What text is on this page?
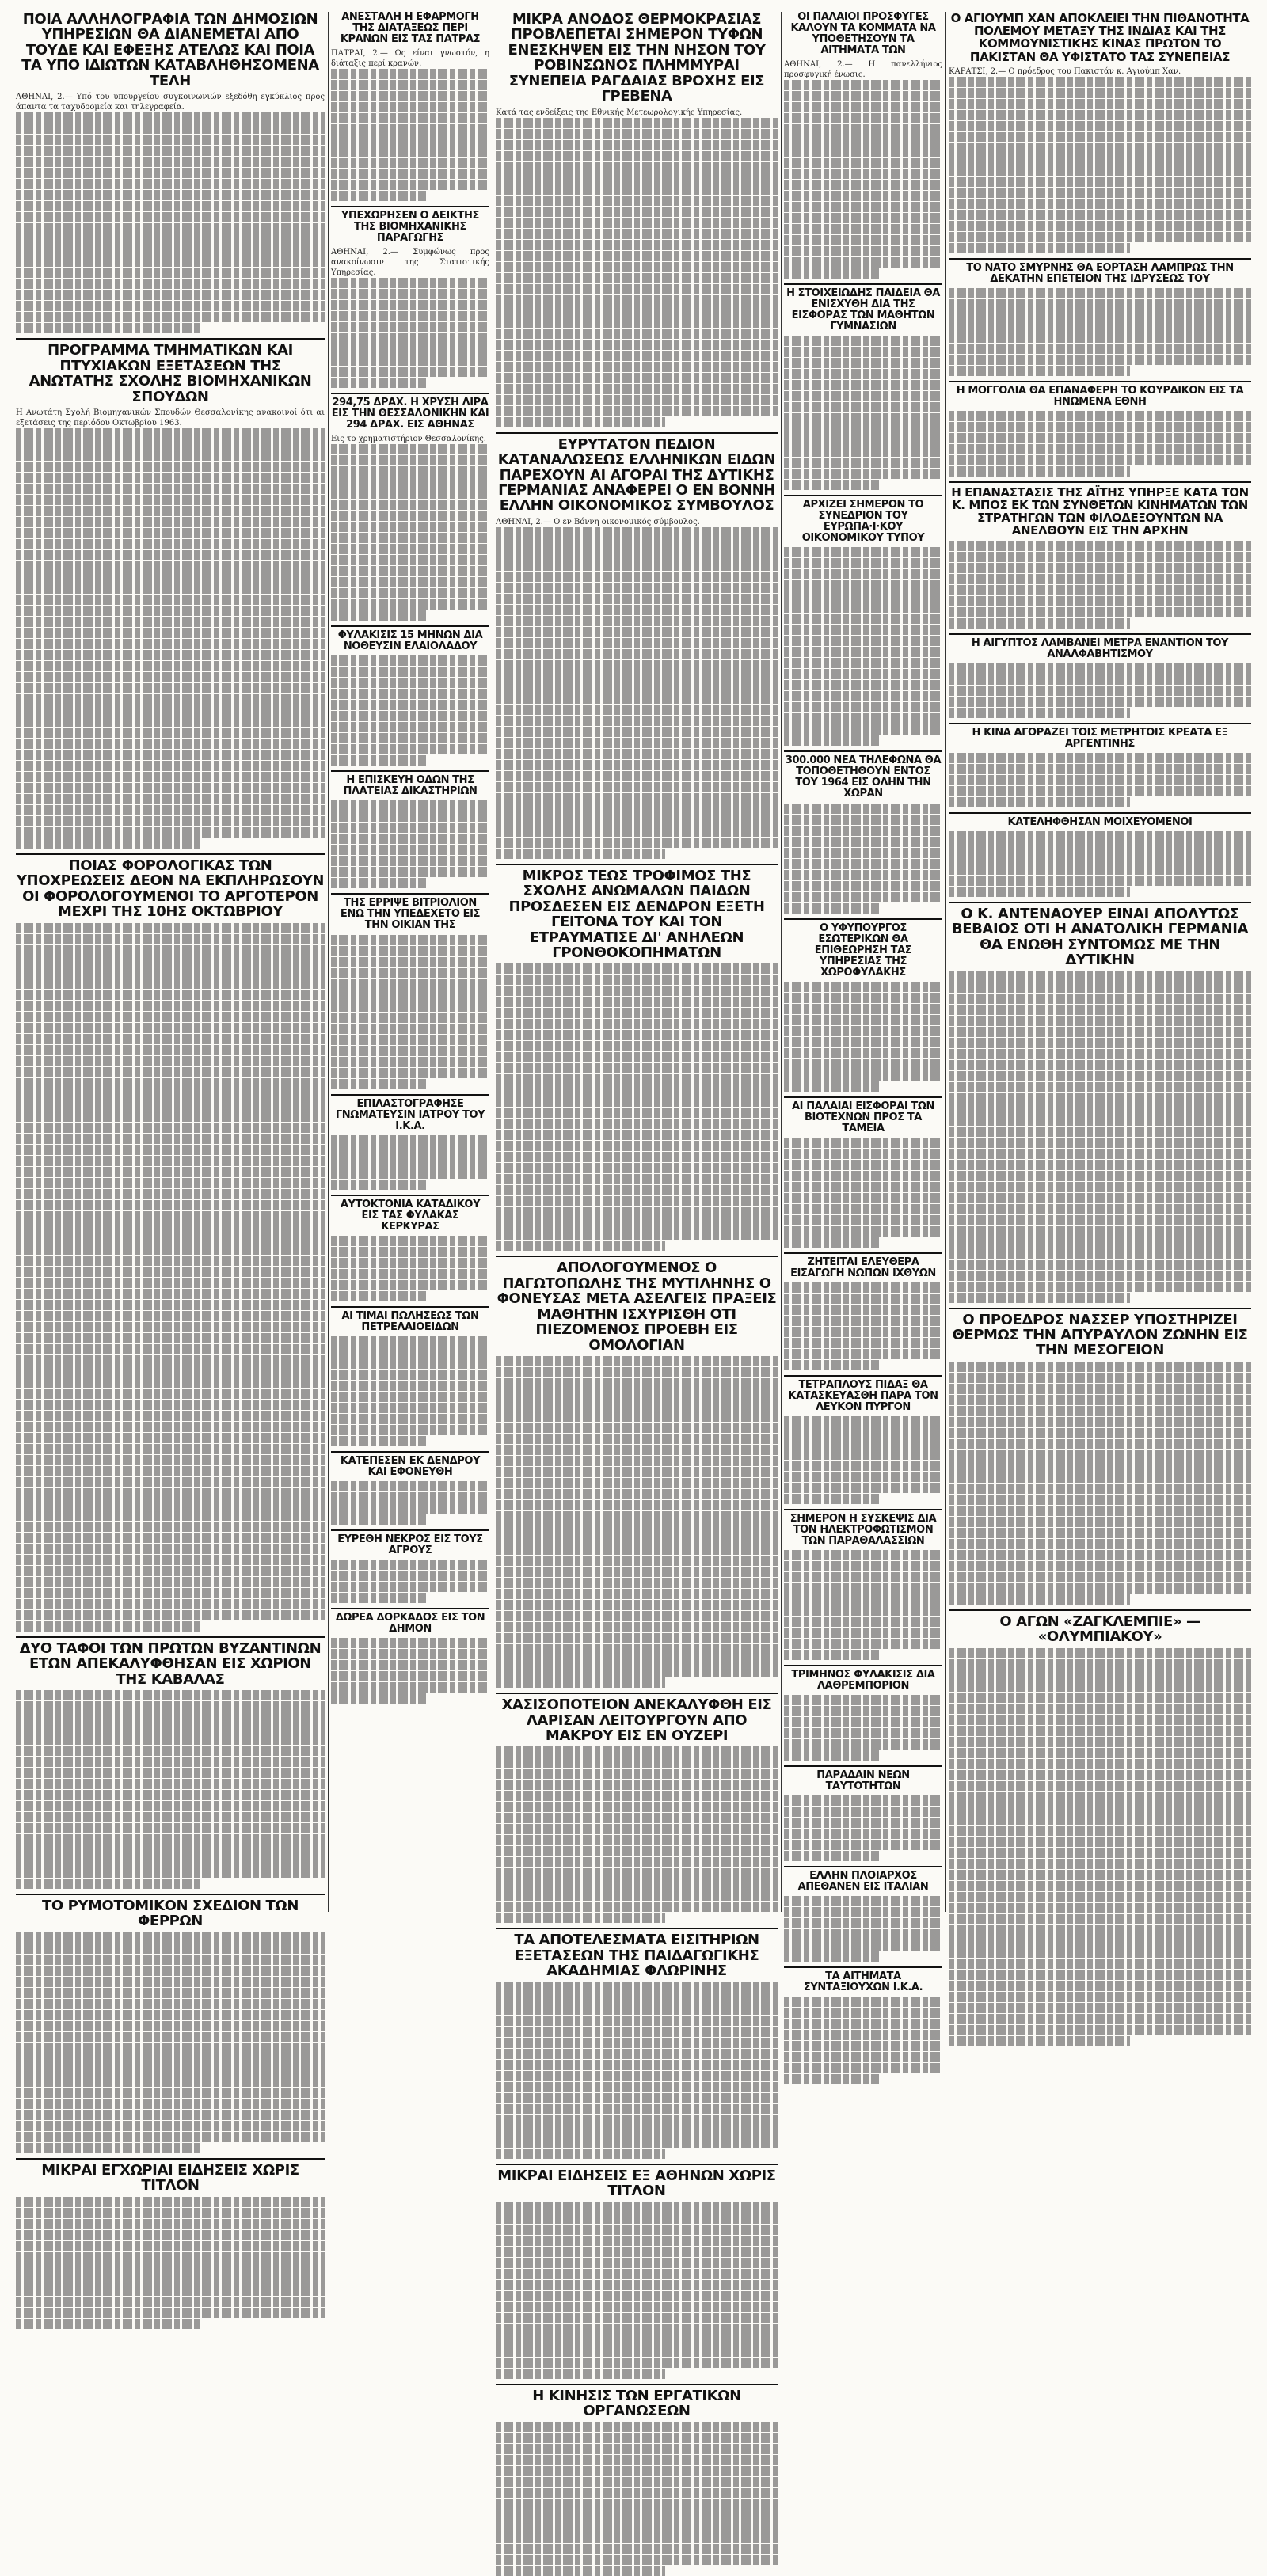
ΠΟΙΑ ΑΛΛΗΛΟΓΡΑΦΙΑ ΤΩΝ ΔΗΜΟΣΙΩΝ ΥΠΗΡΕΣΙΩΝ ΘΑ ΔΙΑΝΕΜΕΤΑΙ ΑΠΟ ΤΟΥΔΕ ΚΑΙ ΕΦΕΞΗΣ ΑΤΕΛΩΣ ΚΑΙ ΠΟΙΑ ΤΑ ΥΠΟ ΙΔΙΩΤΩΝ ΚΑΤΑΒΛΗΘΗΣΟΜΕΝΑ ΤΕΛΗ
ΑΘΗΝΑΙ, 2.— Υπό του υπουργείου συγκοινωνιών εξεδόθη εγκύκλιος προς άπαντα τα ταχυδρομεία και τηλεγραφεία.
ΠΡΟΓΡΑΜΜΑ ΤΜΗΜΑΤΙΚΩΝ ΚΑΙ ΠΤΥΧΙΑΚΩΝ ΕΞΕΤΑΣΕΩΝ ΤΗΣ ΑΝΩΤΑΤΗΣ ΣΧΟΛΗΣ ΒΙΟΜΗΧΑΝΙΚΩΝ ΣΠΟΥΔΩΝ
Η Ανωτάτη Σχολή Βιομηχανικών Σπουδών Θεσσαλονίκης ανακοινοί ότι αι εξετάσεις της περιόδου Οκτωβρίου 1963.
ΠΟΙΑΣ ΦΟΡΟΛΟΓΙΚΑΣ ΤΩΝ ΥΠΟΧΡΕΩΣΕΙΣ ΔΕΟΝ ΝΑ ΕΚΠΛΗΡΩΣΟΥΝ ΟΙ ΦΟΡΟΛΟΓΟΥΜΕΝΟΙ ΤΟ ΑΡΓΟΤΕΡΟΝ ΜΕΧΡΙ ΤΗΣ 10ΗΣ ΟΚΤΩΒΡΙΟΥ
ΔΥΟ ΤΑΦΟΙ ΤΩΝ ΠΡΩΤΩΝ ΒΥΖΑΝΤΙΝΩΝ ΕΤΩΝ ΑΠΕΚΑΛΥΦΘΗΣΑΝ ΕΙΣ ΧΩΡΙΟΝ ΤΗΣ ΚΑΒΑΛΑΣ
ΤΟ ΡΥΜΟΤΟΜΙΚΟΝ ΣΧΕΔΙΟΝ ΤΩΝ ΦΕΡΡΩΝ
ΜΙΚΡΑΙ ΕΓΧΩΡΙΑΙ ΕΙΔΗΣΕΙΣ ΧΩΡΙΣ ΤΙΤΛΟΝ
ΑΝΕΣΤΑΛΗ Η ΕΦΑΡΜΟΓΗ ΤΗΣ ΔΙΑΤΑΞΕΩΣ ΠΕΡΙ ΚΡΑΝΩΝ ΕΙΣ ΤΑΣ ΠΑΤΡΑΣ
ΠΑΤΡΑΙ, 2.— Ως είναι γνωστόν, η διάταξις περί κρανών.
ΥΠΕΧΩΡΗΣΕΝ Ο ΔΕΙΚΤΗΣ ΤΗΣ ΒΙΟΜΗΧΑΝΙΚΗΣ ΠΑΡΑΓΩΓΗΣ
ΑΘΗΝΑΙ, 2.— Συμφώνως προς ανακοίνωσιν της Στατιστικής Υπηρεσίας.
294,75 ΔΡΑΧ. Η ΧΡΥΣΗ ΛΙΡΑ ΕΙΣ ΤΗΝ ΘΕΣΣΑΛΟΝΙΚΗΝ ΚΑΙ 294 ΔΡΑΧ. ΕΙΣ ΑΘΗΝΑΣ
Εις το χρηματιστήριον Θεσσαλονίκης.
ΦΥΛΑΚΙΣΙΣ 15 ΜΗΝΩΝ ΔΙΑ ΝΟΘΕΥΣΙΝ ΕΛΑΙΟΛΑΔΟΥ
Η ΕΠΙΣΚΕΥΗ ΟΔΩΝ ΤΗΣ ΠΛΑΤΕΙΑΣ ΔΙΚΑΣΤΗΡΙΩΝ
ΤΗΣ ΕΡΡΙΨΕ ΒΙΤΡΙΟΛΙΟΝ ΕΝΩ ΤΗΝ ΥΠΕΔΕΧΕΤΟ ΕΙΣ ΤΗΝ ΟΙΚΙΑΝ ΤΗΣ
ΕΠΙΛΑΣΤΟΓΡΑΦΗΣΕ ΓΝΩΜΑΤΕΥΣΙΝ ΙΑΤΡΟΥ ΤΟΥ Ι.Κ.Α.
ΑΥΤΟΚΤΟΝΙΑ ΚΑΤΑΔΙΚΟΥ ΕΙΣ ΤΑΣ ΦΥΛΑΚΑΣ ΚΕΡΚΥΡΑΣ
ΑΙ ΤΙΜΑΙ ΠΩΛΗΣΕΩΣ ΤΩΝ ΠΕΤΡΕΛΑΙΟΕΙΔΩΝ
ΚΑΤΕΠΕΣΕΝ ΕΚ ΔΕΝΔΡΟΥ ΚΑΙ ΕΦΟΝΕΥΘΗ
ΕΥΡΕΘΗ ΝΕΚΡΟΣ ΕΙΣ ΤΟΥΣ ΑΓΡΟΥΣ
ΔΩΡΕΑ ΔΟΡΚΑΔΟΣ ΕΙΣ ΤΟΝ ΔΗΜΟΝ
ΜΙΚΡΑ ΑΝΟΔΟΣ ΘΕΡΜΟΚΡΑΣΙΑΣ ΠΡΟΒΛΕΠΕΤΑΙ ΣΗΜΕΡΟΝ ΤΥΦΩΝ ΕΝΕΣΚΗΨΕΝ ΕΙΣ ΤΗΝ ΝΗΣΟΝ ΤΟΥ ΡΟΒΙΝΣΩΝΟΣ ΠΛΗΜΜΥΡΑΙ ΣΥΝΕΠΕΙΑ ΡΑΓΔΑΙΑΣ ΒΡΟΧΗΣ ΕΙΣ ΓΡΕΒΕΝΑ
Κατά τας ενδείξεις της Εθνικής Μετεωρολογικής Υπηρεσίας.
ΕΥΡΥΤΑΤΟΝ ΠΕΔΙΟΝ ΚΑΤΑΝΑΛΩΣΕΩΣ ΕΛΛΗΝΙΚΩΝ ΕΙΔΩΝ ΠΑΡΕΧΟΥΝ ΑΙ ΑΓΟΡΑΙ ΤΗΣ ΔΥΤΙΚΗΣ ΓΕΡΜΑΝΙΑΣ ΑΝΑΦΕΡΕΙ Ο ΕΝ ΒΟΝΝΗ ΕΛΛΗΝ ΟΙΚΟΝΟΜΙΚΟΣ ΣΥΜΒΟΥΛΟΣ
ΑΘΗΝΑΙ, 2.— Ο εν Βόννη οικονομικός σύμβουλος.
ΜΙΚΡΟΣ ΤΕΩΣ ΤΡΟΦΙΜΟΣ ΤΗΣ ΣΧΟΛΗΣ ΑΝΩΜΑΛΩΝ ΠΑΙΔΩΝ ΠΡΟΣΔΕΣΕΝ ΕΙΣ ΔΕΝΔΡΟΝ ΕΞΕΤΗ ΓΕΙΤΟΝΑ ΤΟΥ ΚΑΙ ΤΟΝ ΕΤΡΑΥΜΑΤΙΣΕ ΔΙ' ΑΝΗΛΕΩΝ ΓΡΟΝΘΟΚΟΠΗΜΑΤΩΝ
ΑΠΟΛΟΓΟΥΜΕΝΟΣ Ο ΠΑΓΩΤΟΠΩΛΗΣ ΤΗΣ ΜΥΤΙΛΗΝΗΣ Ο ΦΟΝΕΥΣΑΣ ΜΕΤΑ ΑΣΕΛΓΕΙΣ ΠΡΑΞΕΙΣ ΜΑΘΗΤΗΝ ΙΣΧΥΡΙΣΘΗ ΟΤΙ ΠΙΕΖΟΜΕΝΟΣ ΠΡΟΕΒΗ ΕΙΣ ΟΜΟΛΟΓΙΑΝ
ΧΑΣΙΣΟΠΟΤΕΙΟΝ ΑΝΕΚΑΛΥΦΘΗ ΕΙΣ ΛΑΡΙΣΑΝ ΛΕΙΤΟΥΡΓΟΥΝ ΑΠΟ ΜΑΚΡΟΥ ΕΙΣ ΕΝ ΟΥΖΕΡΙ
ΤΑ ΑΠΟΤΕΛΕΣΜΑΤΑ ΕΙΣΙΤΗΡΙΩΝ ΕΞΕΤΑΣΕΩΝ ΤΗΣ ΠΑΙΔΑΓΩΓΙΚΗΣ ΑΚΑΔΗΜΙΑΣ ΦΛΩΡΙΝΗΣ
ΜΙΚΡΑΙ ΕΙΔΗΣΕΙΣ ΕΞ ΑΘΗΝΩΝ ΧΩΡΙΣ ΤΙΤΛΟΝ
Η ΚΙΝΗΣΙΣ ΤΩΝ ΕΡΓΑΤΙΚΩΝ ΟΡΓΑΝΩΣΕΩΝ
ΟΙ ΠΑΛΑΙΟΙ ΠΡΟΣΦΥΓΕΣ ΚΑΛΟΥΝ ΤΑ ΚΟΜΜΑΤΑ ΝΑ ΥΠΟΘΕΤΗΣΟΥΝ ΤΑ ΑΙΤΗΜΑΤΑ ΤΩΝ
ΑΘΗΝΑΙ, 2.— Η πανελλήνιος προσφυγική ένωσις.
Η ΣΤΟΙΧΕΙΩΔΗΣ ΠΑΙΔΕΙΑ ΘΑ ΕΝΙΣΧΥΘΗ ΔΙΑ ΤΗΣ ΕΙΣΦΟΡΑΣ ΤΩΝ ΜΑΘΗΤΩΝ ΓΥΜΝΑΣΙΩΝ
ΑΡΧΙΖΕΙ ΣΗΜΕΡΟΝ ΤΟ ΣΥΝΕΔΡΙΟΝ ΤΟΥ ΕΥΡΩΠΑ·Ι·ΚΟΥ ΟΙΚΟΝΟΜΙΚΟΥ ΤΥΠΟΥ
300.000 ΝΕΑ ΤΗΛΕΦΩΝΑ ΘΑ ΤΟΠΟΘΕΤΗΘΟΥΝ ΕΝΤΟΣ ΤΟΥ 1964 ΕΙΣ ΟΛΗΝ ΤΗΝ ΧΩΡΑΝ
Ο ΥΦΥΠΟΥΡΓΟΣ ΕΣΩΤΕΡΙΚΩΝ ΘΑ ΕΠΙΘΕΩΡΗΣΗ ΤΑΣ ΥΠΗΡΕΣΙΑΣ ΤΗΣ ΧΩΡΟΦΥΛΑΚΗΣ
ΑΙ ΠΑΛΑΙΑΙ ΕΙΣΦΟΡΑΙ ΤΩΝ ΒΙΟΤΕΧΝΩΝ ΠΡΟΣ ΤΑ ΤΑΜΕΙΑ
ΖΗΤΕΙΤΑΙ ΕΛΕΥΘΕΡΑ ΕΙΣΑΓΩΓΗ ΝΩΠΩΝ ΙΧΘΥΩΝ
ΤΕΤΡΑΠΛΟΥΣ ΠΙΔΑΞ ΘΑ ΚΑΤΑΣΚΕΥΑΣΘΗ ΠΑΡΑ ΤΟΝ ΛΕΥΚΟΝ ΠΥΡΓΟΝ
ΣΗΜΕΡΟΝ Η ΣΥΣΚΕΨΙΣ ΔΙΑ ΤΟΝ ΗΛΕΚΤΡΟΦΩΤΙΣΜΟΝ ΤΩΝ ΠΑΡΑΘΑΛΑΣΣΙΩΝ
ΤΡΙΜΗΝΟΣ ΦΥΛΑΚΙΣΙΣ ΔΙΑ ΛΑΘΡΕΜΠΟΡΙΟΝ
ΠΑΡΑΔΑΙΝ ΝΕΩΝ ΤΑΥΤΟΤΗΤΩΝ
ΕΛΛΗΝ ΠΛΟΙΑΡΧΟΣ ΑΠΕΘΑΝΕΝ ΕΙΣ ΙΤΑΛΙΑΝ
ΤΑ ΑΙΤΗΜΑΤΑ ΣΥΝΤΑΞΙΟΥΧΩΝ Ι.Κ.Α.
Ο ΑΓΙΟΥΜΠ ΧΑΝ ΑΠΟΚΛΕΙΕΙ ΤΗΝ ΠΙΘΑΝΟΤΗΤΑ ΠΟΛΕΜΟΥ ΜΕΤΑΞΥ ΤΗΣ ΙΝΔΙΑΣ ΚΑΙ ΤΗΣ ΚΟΜΜΟΥΝΙΣΤΙΚΗΣ ΚΙΝΑΣ ΠΡΩΤΟΝ ΤΟ ΠΑΚΙΣΤΑΝ ΘΑ ΥΦΙΣΤΑΤΟ ΤΑΣ ΣΥΝΕΠΕΙΑΣ
ΚΑΡΑΤΣΙ, 2.— Ο πρόεδρος του Πακιστάν κ. Αγιούμπ Χαν.
ΤΟ ΝΑΤΟ ΣΜΥΡΝΗΣ ΘΑ ΕΟΡΤΑΣΗ ΛΑΜΠΡΩΣ ΤΗΝ ΔΕΚΑΤΗΝ ΕΠΕΤΕΙΟΝ ΤΗΣ ΙΔΡΥΣΕΩΣ ΤΟΥ
Η ΜΟΓΓΟΛΙΑ ΘΑ ΕΠΑΝΑΦΕΡΗ ΤΟ ΚΟΥΡΔΙΚΟΝ ΕΙΣ ΤΑ ΗΝΩΜΕΝΑ ΕΘΝΗ
Η ΕΠΑΝΑΣΤΑΣΙΣ ΤΗΣ ΑΪΤΗΣ ΥΠΗΡΞΕ ΚΑΤΑ ΤΟΝ Κ. ΜΠΟΣ ΕΚ ΤΩΝ ΣΥΝΘΕΤΩΝ ΚΙΝΗΜΑΤΩΝ ΤΩΝ ΣΤΡΑΤΗΓΩΝ ΤΩΝ ΦΙΛΟΔΕΞΟΥΝΤΩΝ ΝΑ ΑΝΕΛΘΟΥΝ ΕΙΣ ΤΗΝ ΑΡΧΗΝ
Η ΑΙΓΥΠΤΟΣ ΛΑΜΒΑΝΕΙ ΜΕΤΡΑ ΕΝΑΝΤΙΟΝ ΤΟΥ ΑΝΑΛΦΑΒΗΤΙΣΜΟΥ
Η ΚΙΝΑ ΑΓΟΡΑΖΕΙ ΤΟΙΣ ΜΕΤΡΗΤΟΙΣ ΚΡΕΑΤΑ ΕΞ ΑΡΓΕΝΤΙΝΗΣ
ΚΑΤΕΛΗΦΘΗΣΑΝ ΜΟΙΧΕΥΟΜΕΝΟΙ
Ο Κ. ΑΝΤΕΝΑΟΥΕΡ ΕΙΝΑΙ ΑΠΟΛΥΤΩΣ ΒΕΒΑΙΟΣ ΟΤΙ Η ΑΝΑΤΟΛΙΚΗ ΓΕΡΜΑΝΙΑ ΘΑ ΕΝΩΘΗ ΣΥΝΤΟΜΩΣ ΜΕ ΤΗΝ ΔΥΤΙΚΗΝ
Ο ΠΡΟΕΔΡΟΣ ΝΑΣΣΕΡ ΥΠΟΣΤΗΡΙΖΕΙ ΘΕΡΜΩΣ ΤΗΝ ΑΠΥΡΑΥΛΟΝ ΖΩΝΗΝ ΕΙΣ ΤΗΝ ΜΕΣΟΓΕΙΟΝ
Ο ΑΓΩΝ «ΖΑΓΚΛΕΜΠΙΕ» — «ΟΛΥΜΠΙΑΚΟΥ»
